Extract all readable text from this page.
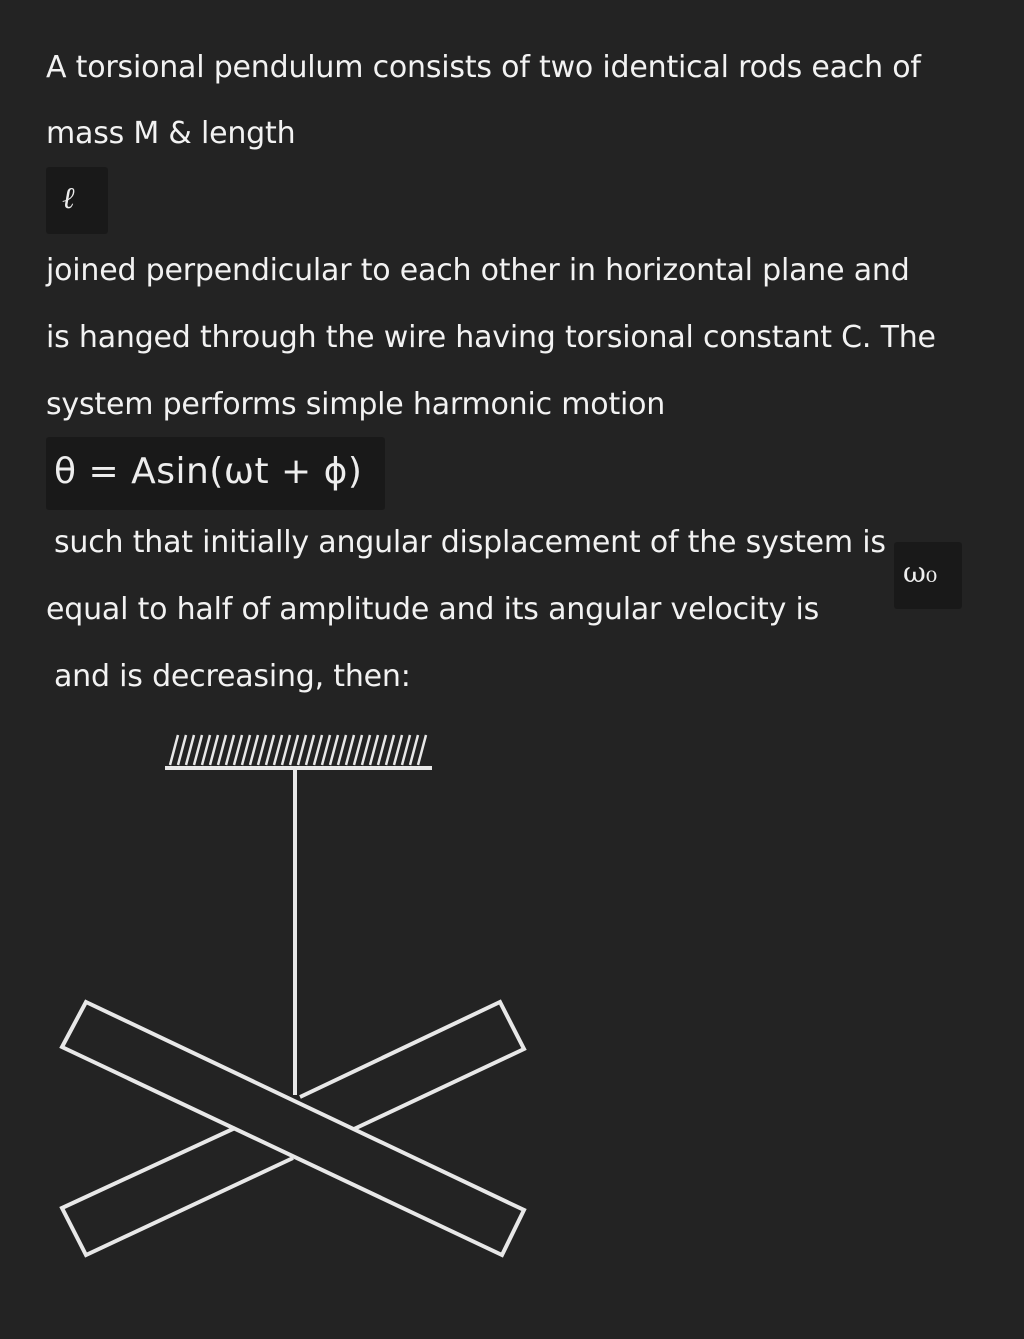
A torsional pendulum consists of two identical rods each of
mass M & length
ℓ
joined perpendicular to each other in horizontal plane and
is hanged through the wire having torsional constant C. The
system performs simple harmonic motion
θ = Asin(ωt + ϕ)
such that initially angular displacement of the system is
ω₀
equal to half of amplitude and its angular velocity is
and is decreasing, then:
